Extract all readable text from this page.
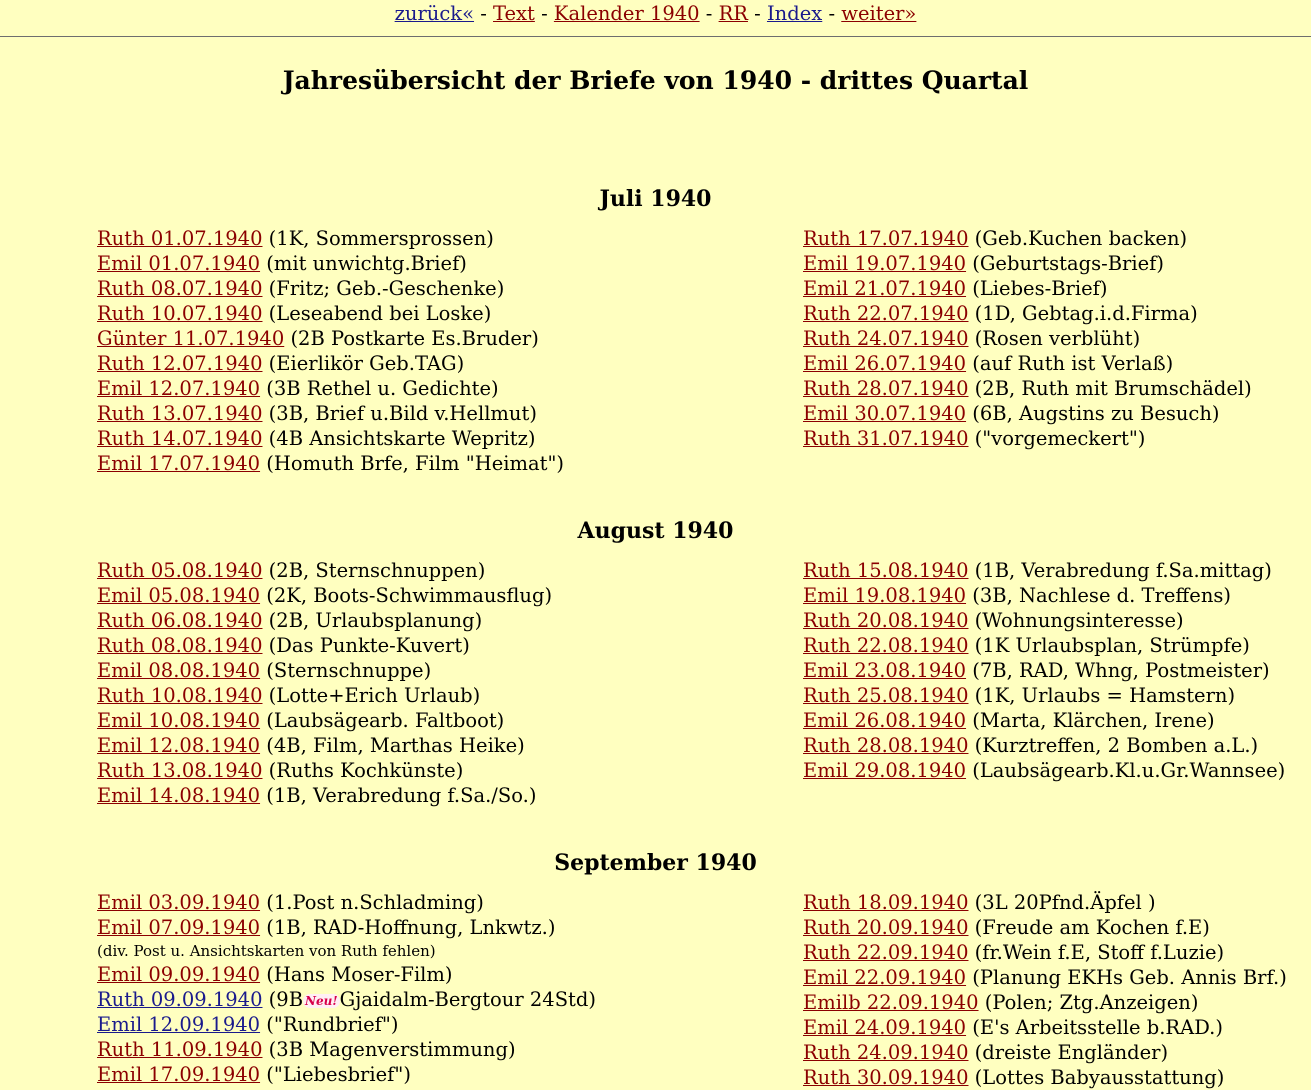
zurück« - Text - Kalender 1940 - RR - Index - weiter»
Jahresübersicht der Briefe von 1940 - drittes Quartal
Juli 1940
Ruth 01.07.1940 (1K, Sommersprossen)
Emil 01.07.1940 (mit unwichtg.Brief)
Ruth 08.07.1940 (Fritz; Geb.-Geschenke)
Ruth 10.07.1940 (Leseabend bei Loske)
Günter 11.07.1940 (2B Postkarte Es.Bruder)
Ruth 12.07.1940 (Eierlikör Geb.TAG)
Emil 12.07.1940 (3B Rethel u. Gedichte)
Ruth 13.07.1940 (3B, Brief u.Bild v.Hellmut)
Ruth 14.07.1940 (4B Ansichtskarte Wepritz)
Emil 17.07.1940 (Homuth Brfe, Film "Heimat")
Ruth 17.07.1940 (Geb.Kuchen backen)
Emil 19.07.1940 (Geburtstags-Brief)
Emil 21.07.1940 (Liebes-Brief)
Ruth 22.07.1940 (1D, Gebtag.i.d.Firma)
Ruth 24.07.1940 (Rosen verblüht)
Emil 26.07.1940 (auf Ruth ist Verlaß)
Ruth 28.07.1940 (2B, Ruth mit Brumschädel)
Emil 30.07.1940 (6B, Augstins zu Besuch)
Ruth 31.07.1940 ("vorgemeckert")
August 1940
Ruth 05.08.1940 (2B, Sternschnuppen)
Emil 05.08.1940 (2K, Boots-Schwimmausflug)
Ruth 06.08.1940 (2B, Urlaubsplanung)
Ruth 08.08.1940 (Das Punkte-Kuvert)
Emil 08.08.1940 (Sternschnuppe)
Ruth 10.08.1940 (Lotte+Erich Urlaub)
Emil 10.08.1940 (Laubsägearb. Faltboot)
Emil 12.08.1940 (4B, Film, Marthas Heike)
Ruth 13.08.1940 (Ruths Kochkünste)
Emil 14.08.1940 (1B, Verabredung f.Sa./So.)
Ruth 15.08.1940 (1B, Verabredung f.Sa.mittag)
Emil 19.08.1940 (3B, Nachlese d. Treffens)
Ruth 20.08.1940 (Wohnungsinteresse)
Ruth 22.08.1940 (1K Urlaubsplan, Strümpfe)
Emil 23.08.1940 (7B, RAD, Whng, Postmeister)
Ruth 25.08.1940 (1K, Urlaubs = Hamstern)
Emil 26.08.1940 (Marta, Klärchen, Irene)
Ruth 28.08.1940 (Kurztreffen, 2 Bomben a.L.)
Emil 29.08.1940 (Laubsägearb.Kl.u.Gr.Wannsee)
September 1940
Emil 03.09.1940 (1.Post n.Schladming)
Emil 07.09.1940 (1B, RAD-Hoffnung, Lnkwtz.)
(div. Post u. Ansichtskarten von Ruth fehlen)
Emil 09.09.1940 (Hans Moser-Film)
Ruth 09.09.1940 (9B Neu! Gjaidalm-Bergtour 24Std)
Emil 12.09.1940 ("Rundbrief")
Ruth 11.09.1940 (3B Magenverstimmung)
Emil 17.09.1940 ("Liebesbrief")
Ruth 18.09.1940 (3L 20Pfnd.Äpfel )
Ruth 20.09.1940 (Freude am Kochen f.E)
Ruth 22.09.1940 (fr.Wein f.E, Stoff f.Luzie)
Emil 22.09.1940 (Planung EKHs Geb. Annis Brf.)
Emilb 22.09.1940 (Polen; Ztg.Anzeigen)
Emil 24.09.1940 (E's Arbeitsstelle b.RAD.)
Ruth 24.09.1940 (dreiste Engländer)
Ruth 30.09.1940 (Lottes Babyausstattung)
